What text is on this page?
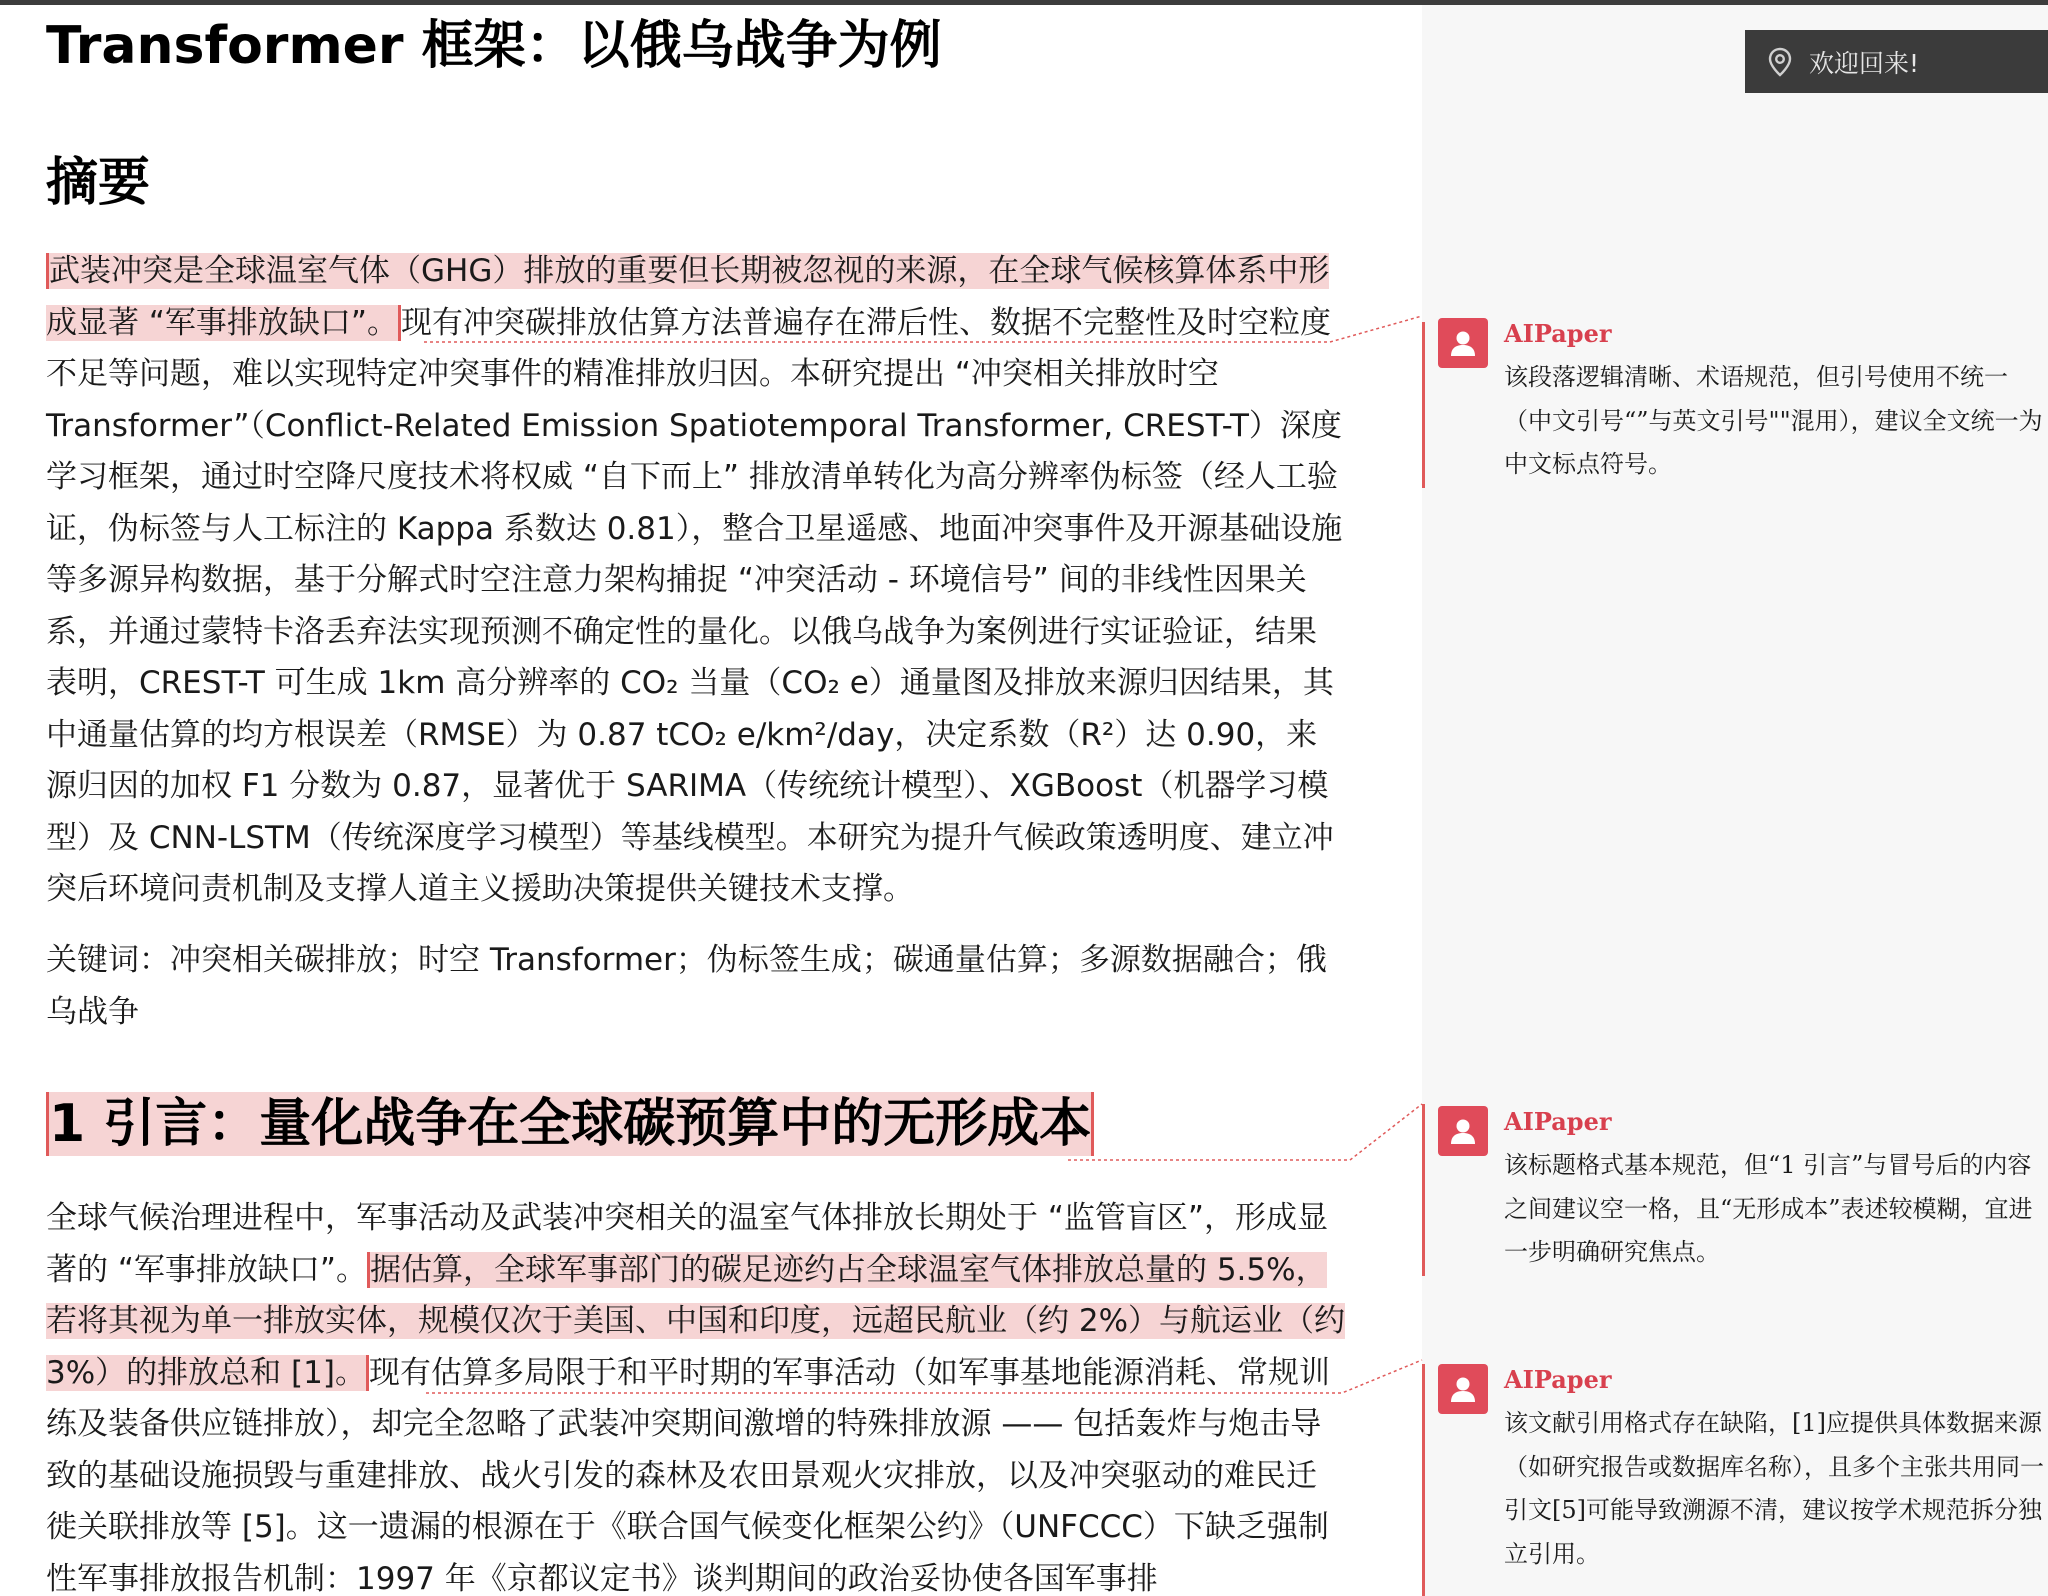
Transformer 框架：以俄乌战争为例
摘要

武装冲突是全球温室气体（GHG）排放的重要但长期被忽视的来源，在全球气候核算体系中形成显著 “军事排放缺口”。现有冲突碳排放估算方法普遍存在滞后性、数据不完整性及时空粒度不足等问题，难以实现特定冲突事件的精准排放归因。本研究提出 “冲突相关排放时空 Transformer”（Conflict-Related Emission Spatiotemporal Transformer, CREST-T）深度学习框架，通过时空降尺度技术将权威 “自下而上” 排放清单转化为高分辨率伪标签（经人工验证，伪标签与人工标注的 Kappa 系数达 0.81），整合卫星遥感、地面冲突事件及开源基础设施等多源异构数据，基于分解式时空注意力架构捕捉 “冲突活动 - 环境信号” 间的非线性因果关系，并通过蒙特卡洛丢弃法实现预测不确定性的量化。以俄乌战争为案例进行实证验证，结果表明，CREST-T 可生成 1km 高分辨率的 CO₂ 当量（CO₂ e）通量图及排放来源归因结果，其中通量估算的均方根误差（RMSE）为 0.87 tCO₂ e/km²/day，决定系数（R²）达 0.90，来源归因的加权 F1 分数为 0.87，显著优于 SARIMA（传统统计模型）、XGBoost（机器学习模型）及 CNN-LSTM（传统深度学习模型）等基线模型。本研究为提升气候政策透明度、建立冲突后环境问责机制及支撑人道主义援助决策提供关键技术支撑。

关键词：冲突相关碳排放；时空 Transformer；伪标签生成；碳通量估算；多源数据融合；俄乌战争

1 引言：量化战争在全球碳预算中的无形成本

全球气候治理进程中，军事活动及武装冲突相关的温室气体排放长期处于 “监管盲区”，形成显著的 “军事排放缺口”。据估算，全球军事部门的碳足迹约占全球温室气体排放总量的 5.5%，若将其视为单一排放实体，规模仅次于美国、中国和印度，远超民航业（约 2%）与航运业（约 3%）的排放总和 [1]。现有估算多局限于和平时期的军事活动（如军事基地能源消耗、常规训练及装备供应链排放），却完全忽略了武装冲突期间激增的特殊排放源 —— 包括轰炸与炮击导致的基础设施损毁与重建排放、战火引发的森林及农田景观火灾排放，以及冲突驱动的难民迁徙关联排放等 [5]。这一遗漏的根源在于《联合国气候变化框架公约》（UNFCCC）下缺乏强制性军事排放报告机制：1997 年《京都议定书》谈判期间的政治妥协使各国军事排

欢迎回来!

AIPaper

该段落逻辑清晰、术语规范，但引号使用不统一（中文引号“”与英文引号""混用），建议全文统一为中文标点符号。

AIPaper

该标题格式基本规范，但“1 引言”与冒号后的内容之间建议空一格，且“无形成本”表述较模糊，宜进一步明确研究焦点。

AIPaper

该文献引用格式存在缺陷，[1]应提供具体数据来源（如研究报告或数据库名称），且多个主张共用同一引文[5]可能导致溯源不清，建议按学术规范拆分独立引用。
